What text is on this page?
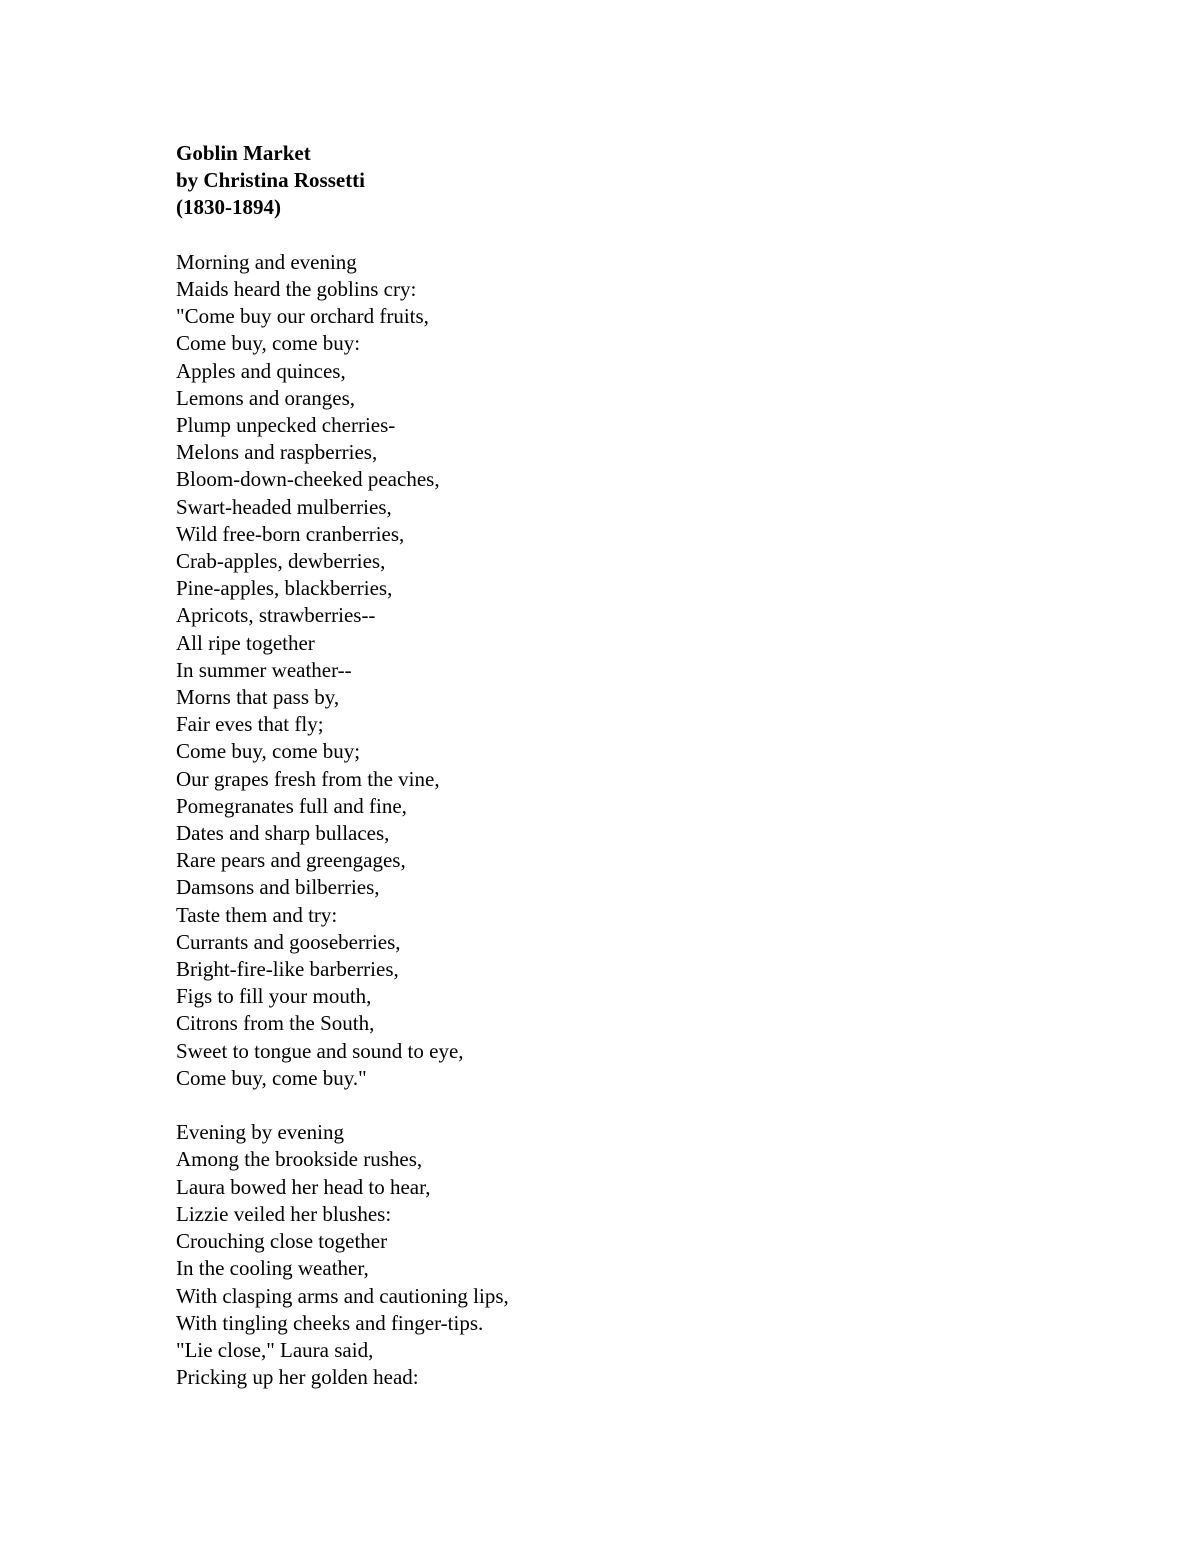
Goblin Market
by Christina Rossetti
(1830-1894)
Morning and evening
Maids heard the goblins cry:
"Come buy our orchard fruits,
Come buy, come buy:
Apples and quinces,
Lemons and oranges,
Plump unpecked cherries-
Melons and raspberries,
Bloom-down-cheeked peaches,
Swart-headed mulberries,
Wild free-born cranberries,
Crab-apples, dewberries,
Pine-apples, blackberries,
Apricots, strawberries--
All ripe together
In summer weather--
Morns that pass by,
Fair eves that fly;
Come buy, come buy;
Our grapes fresh from the vine,
Pomegranates full and fine,
Dates and sharp bullaces,
Rare pears and greengages,
Damsons and bilberries,
Taste them and try:
Currants and gooseberries,
Bright-fire-like barberries,
Figs to fill your mouth,
Citrons from the South,
Sweet to tongue and sound to eye,
Come buy, come buy."
Evening by evening
Among the brookside rushes,
Laura bowed her head to hear,
Lizzie veiled her blushes:
Crouching close together
In the cooling weather,
With clasping arms and cautioning lips,
With tingling cheeks and finger-tips.
"Lie close," Laura said,
Pricking up her golden head:
